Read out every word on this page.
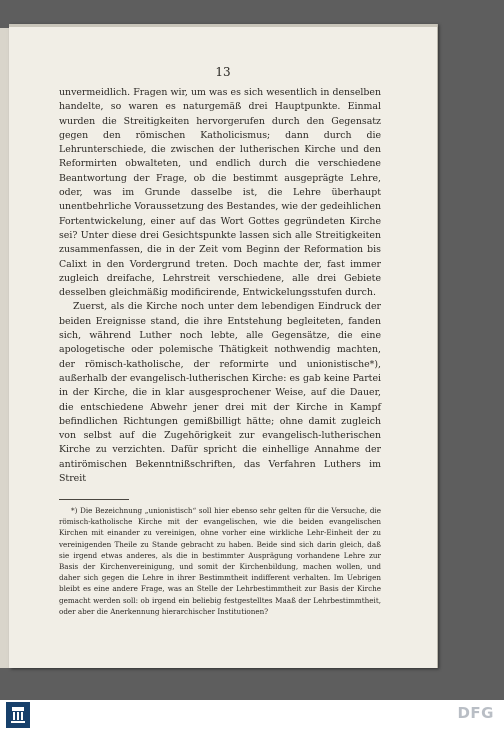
13

unvermeidlich. Fragen wir, um was es sich wesentlich in denselben handelte, so waren es naturgemäß drei Hauptpunkte. Einmal wurden die Streitigkeiten hervorgerufen durch den Gegensatz gegen den römischen Katholicismus; dann durch die Lehrunterschiede, die zwischen der lutherischen Kirche und den Reformirten obwalteten, und endlich durch die verschiedene Beantwortung der Frage, ob die bestimmt ausgeprägte Lehre, oder, was im Grunde dasselbe ist, die Lehre überhaupt unentbehrliche Voraussetzung des Bestandes, wie der gedeihlichen Fortentwickelung, einer auf das Wort Gottes gegründeten Kirche sei? Unter diese drei Gesichtspunkte lassen sich alle Streitigkeiten zusammenfassen, die in der Zeit vom Beginn der Reformation bis Calixt in den Vordergrund treten. Doch machte der, fast immer zugleich dreifache, Lehrstreit verschiedene, alle drei Gebiete desselben gleichmäßig modificirende, Entwickelungsstufen durch.

Zuerst, als die Kirche noch unter dem lebendigen Eindruck der beiden Ereignisse stand, die ihre Entstehung begleiteten, fanden sich, während Luther noch lebte, alle Gegensätze, die eine apologetische oder polemische Thätigkeit nothwendig machten, der römisch-katholische, der reformirte und unionistische*), außerhalb der evangelisch-lutherischen Kirche: es gab keine Partei in der Kirche, die in klar ausgesprochener Weise, auf die Dauer, die entschiedene Abwehr jener drei mit der Kirche in Kampf befindlichen Richtungen gemißbilligt hätte; ohne damit zugleich von selbst auf die Zugehörigkeit zur evangelisch-lutherischen Kirche zu verzichten. Dafür spricht die einhellige Annahme der antirömischen Bekenntnißschriften, das Verfahren Luthers im Streit

*) Die Bezeichnung „unionistisch“ soll hier ebenso sehr gelten für die Versuche, die römisch-katholische Kirche mit der evangelischen, wie die beiden evangelischen Kirchen mit einander zu vereinigen, ohne vorher eine wirkliche Lehr-Einheit der zu vereinigenden Theile zu Stande gebracht zu haben. Beide sind sich darin gleich, daß sie irgend etwas anderes, als die in bestimmter Ausprägung vorhandene Lehre zur Basis der Kirchenvereinigung, und somit der Kirchenbildung, machen wollen, und daher sich gegen die Lehre in ihrer Bestimmtheit indifferent verhalten. Im Uebrigen bleibt es eine andere Frage, was an Stelle der Lehrbestimmtheit zur Basis der Kirche gemacht werden soll: ob irgend ein beliebig festgestelltes Maaß der Lehrbestimmtheit, oder aber die Anerkennung hierarchischer Institutionen?

DFG
